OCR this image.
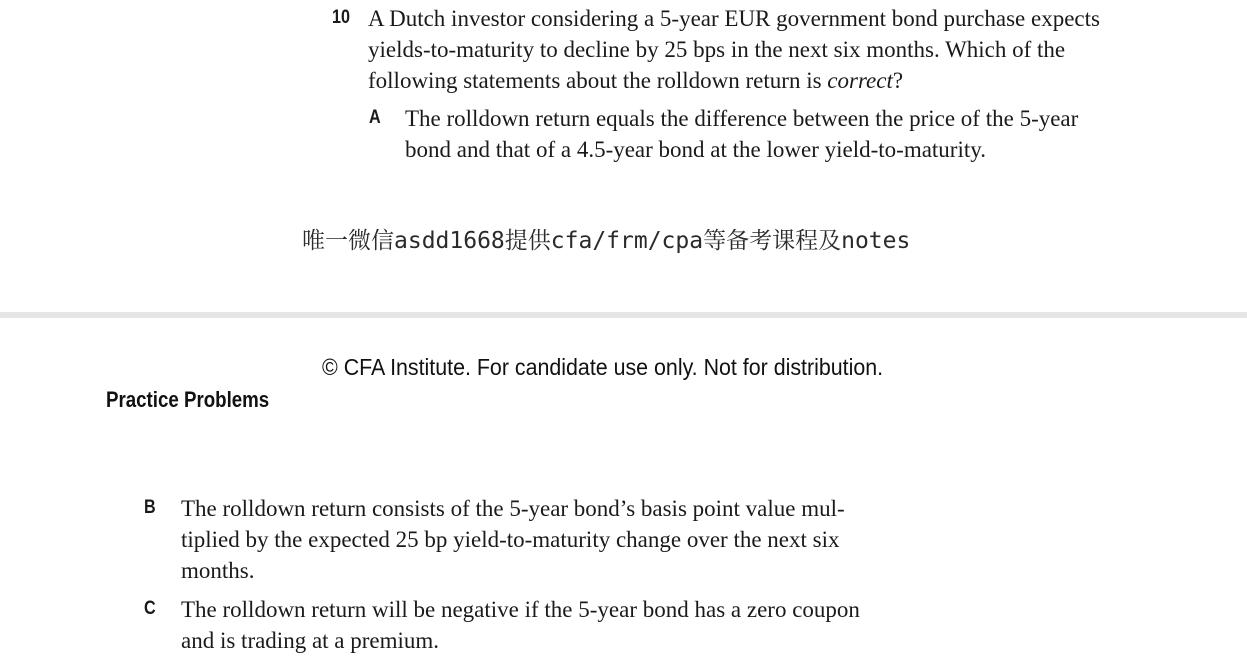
10 A Dutch investor considering a 5-year EUR government bond purchase expects
yields-to-maturity to decline by 25 bps in the next six months. Which of the
following statements about the rolldown return is correct?
A The rolldown return equals the difference between the price of the 5-year
bond and that of a 4.5-year bond at the lower yield-to-maturity.
唯一微信asdd1668提供cfa/frm/cpa等备考课程及notes
© CFA Institute. For candidate use only. Not for distribution.
Practice Problems
B The rolldown return consists of the 5-year bond’s basis point value mul-
tiplied by the expected 25 bp yield-to-maturity change over the next six
months.
C The rolldown return will be negative if the 5-year bond has a zero coupon
and is trading at a premium.
